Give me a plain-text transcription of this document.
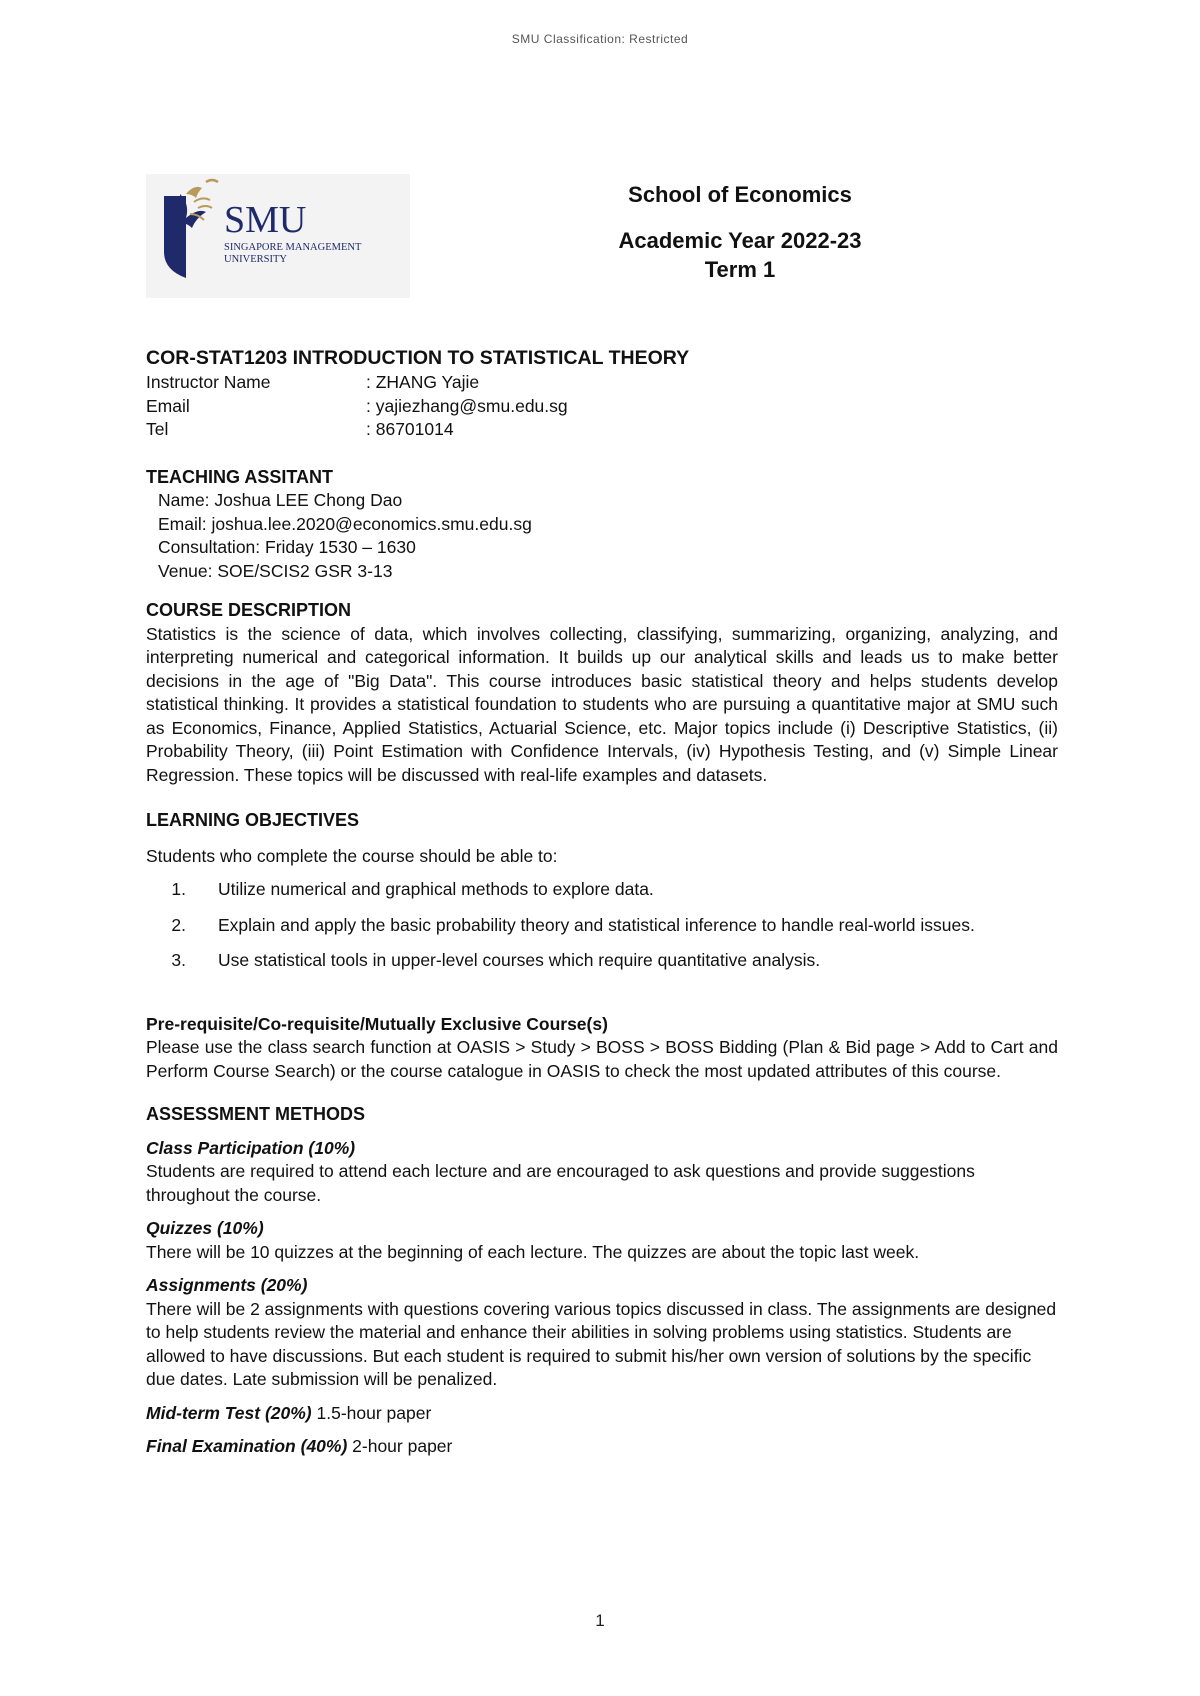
SMU Classification: Restricted
SMU
SINGAPORE MANAGEMENT
UNIVERSITY
School of Economics
Academic Year 2022-23
Term 1
COR-STAT1203 INTRODUCTION TO STATISTICAL THEORY
Instructor Name	: ZHANG Yajie
Email	: yajiezhang@smu.edu.sg
Tel	: 86701014
TEACHING ASSITANT
Name: Joshua LEE Chong Dao
Email: joshua.lee.2020@economics.smu.edu.sg
Consultation: Friday 1530 – 1630
Venue: SOE/SCIS2 GSR 3-13
COURSE DESCRIPTION
Statistics is the science of data, which involves collecting, classifying, summarizing, organizing, analyzing, and interpreting numerical and categorical information. It builds up our analytical skills and leads us to make better decisions in the age of "Big Data". This course introduces basic statistical theory and helps students develop statistical thinking. It provides a statistical foundation to students who are pursuing a quantitative major at SMU such as Economics, Finance, Applied Statistics, Actuarial Science, etc. Major topics include (i) Descriptive Statistics, (ii) Probability Theory, (iii) Point Estimation with Confidence Intervals, (iv) Hypothesis Testing, and (v) Simple Linear Regression. These topics will be discussed with real-life examples and datasets.
LEARNING OBJECTIVES
Students who complete the course should be able to:
1.	Utilize numerical and graphical methods to explore data.
2.	Explain and apply the basic probability theory and statistical inference to handle real-world issues.
3.	Use statistical tools in upper-level courses which require quantitative analysis.
Pre-requisite/Co-requisite/Mutually Exclusive Course(s)
Please use the class search function at OASIS > Study > BOSS > BOSS Bidding (Plan & Bid page > Add to Cart and Perform Course Search) or the course catalogue in OASIS to check the most updated attributes of this course.
ASSESSMENT METHODS
Class Participation (10%)
Students are required to attend each lecture and are encouraged to ask questions and provide suggestions throughout the course.
Quizzes (10%)
There will be 10 quizzes at the beginning of each lecture. The quizzes are about the topic last week.
Assignments (20%)
There will be 2 assignments with questions covering various topics discussed in class. The assignments are designed to help students review the material and enhance their abilities in solving problems using statistics. Students are allowed to have discussions. But each student is required to submit his/her own version of solutions by the specific due dates. Late submission will be penalized.
Mid-term Test (20%) 1.5-hour paper
Final Examination (40%) 2-hour paper
1
